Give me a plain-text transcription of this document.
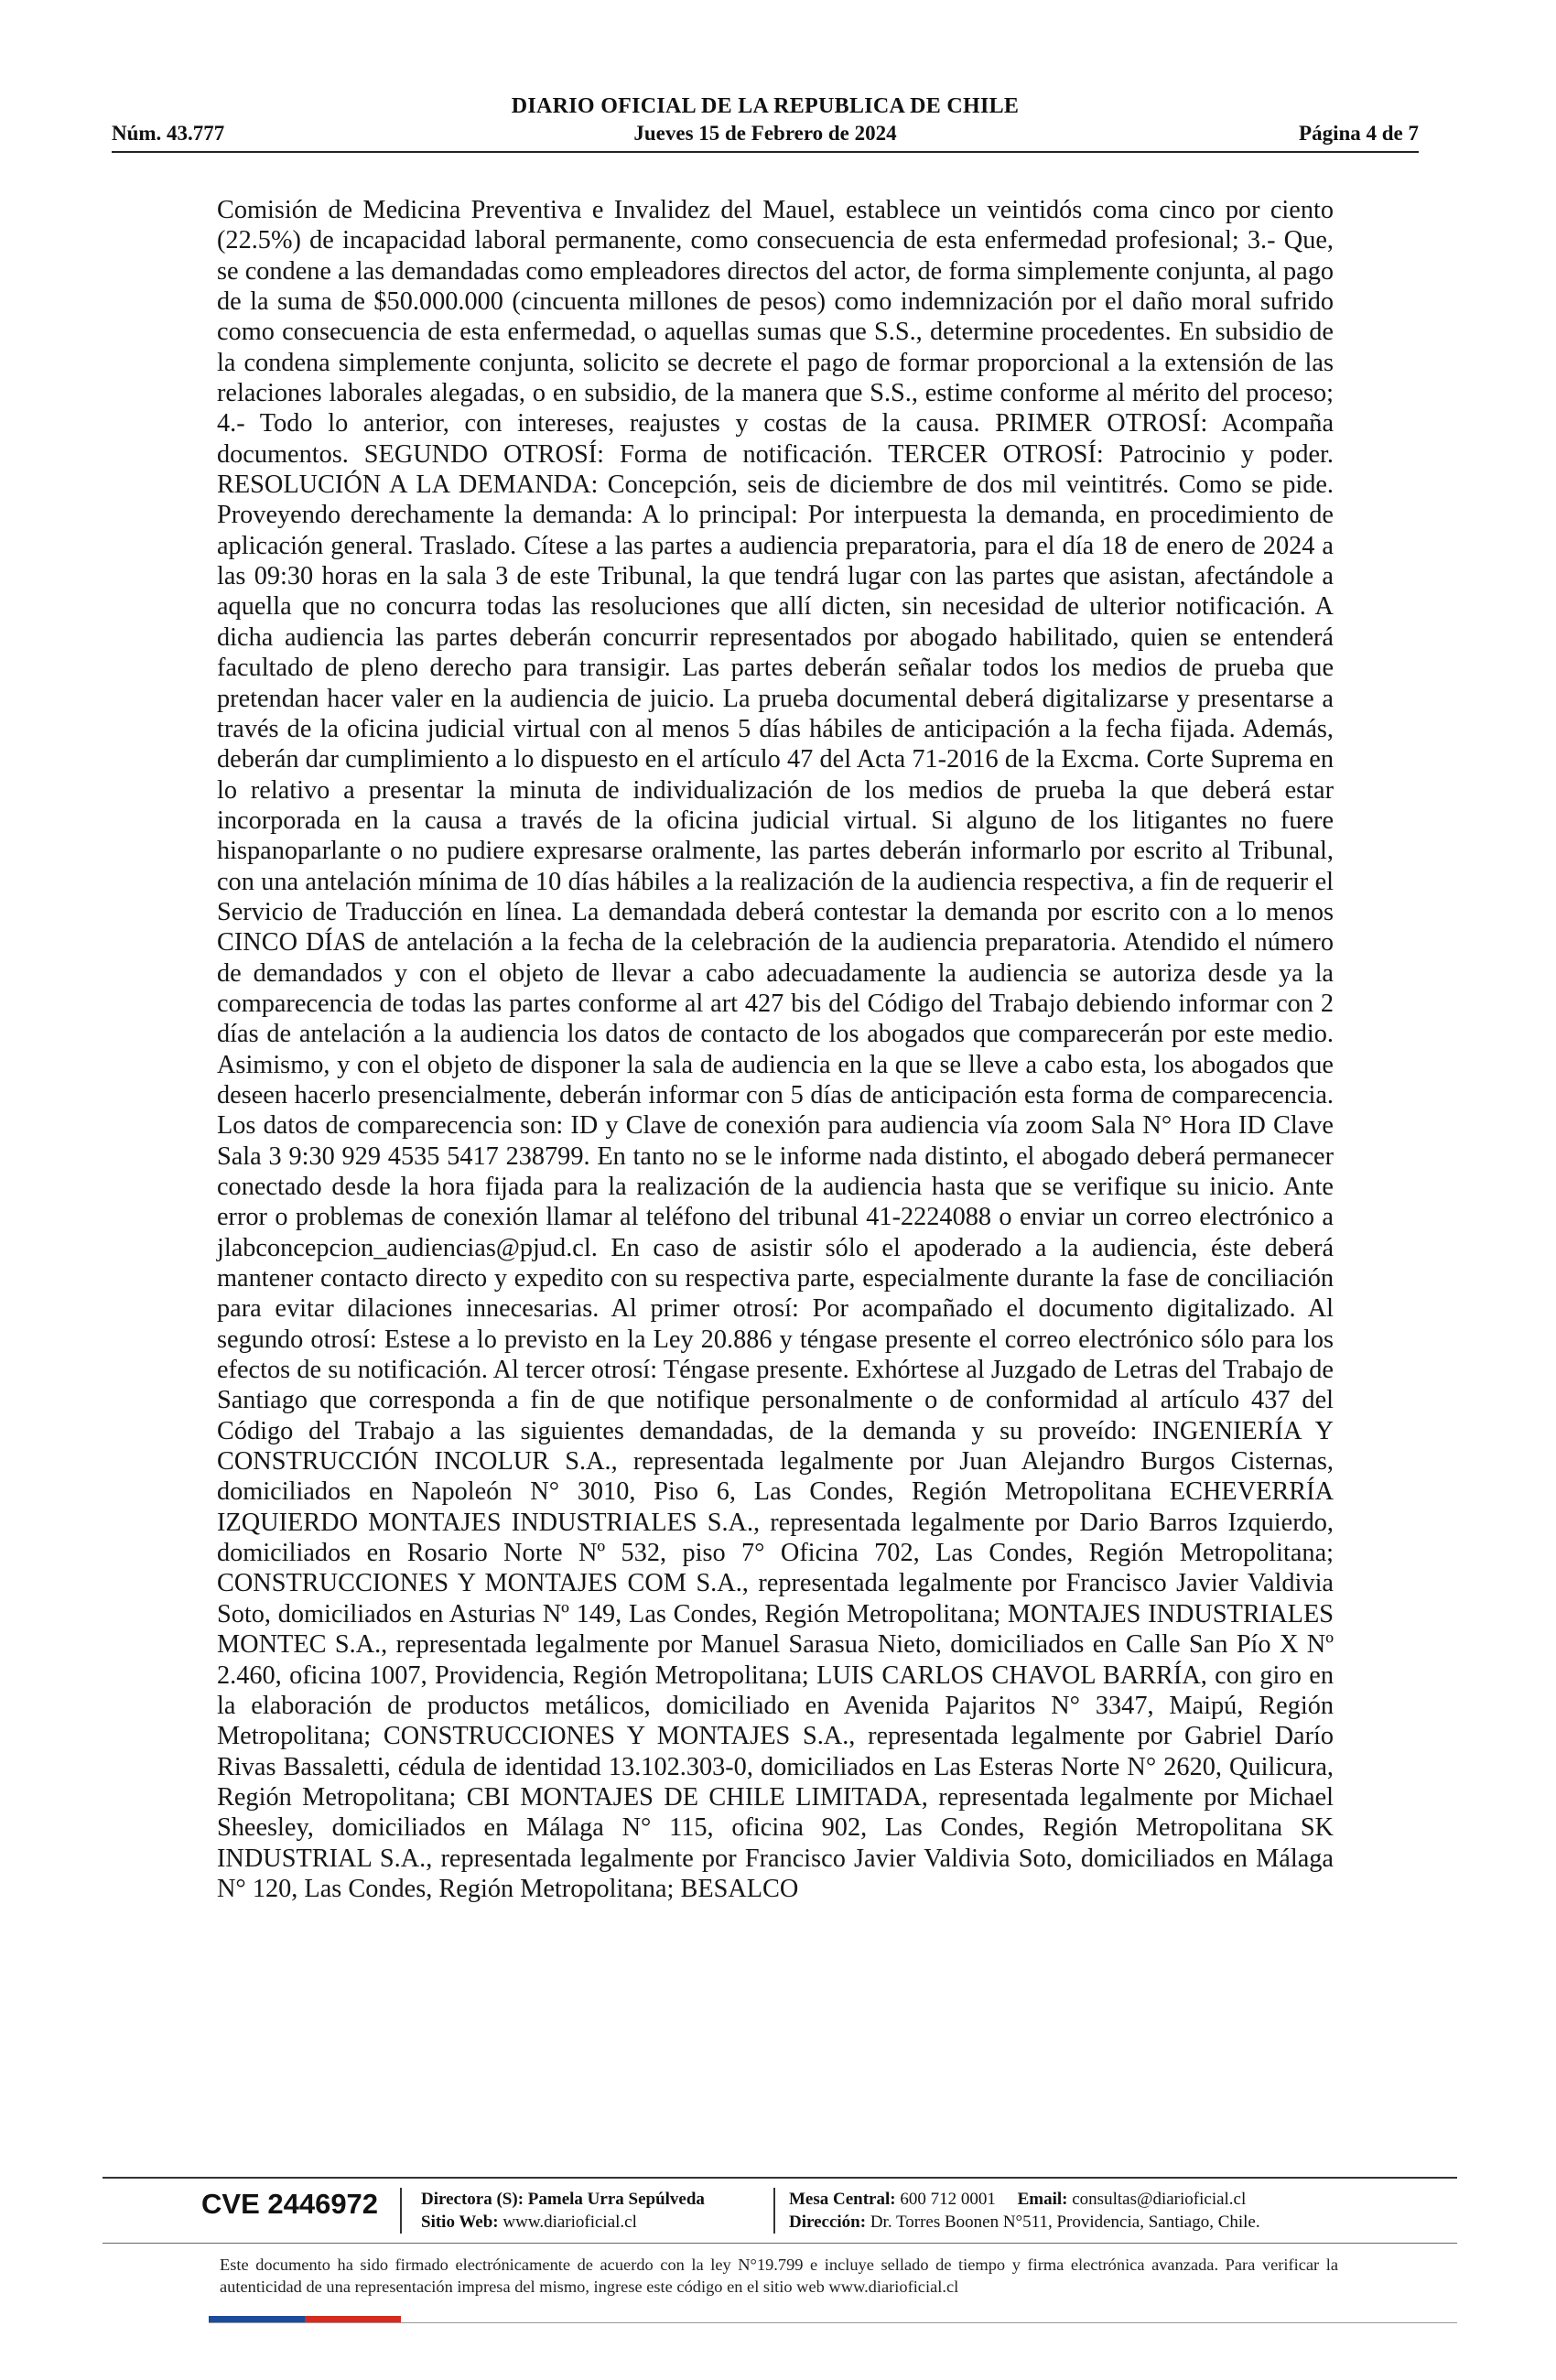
DIARIO OFICIAL DE LA REPUBLICA DE CHILE
Núm. 43.777	Jueves 15 de Febrero de 2024	Página 4 de 7
Comisión de Medicina Preventiva e Invalidez del Mauel, establece un veintidós coma cinco por ciento (22.5%) de incapacidad laboral permanente, como consecuencia de esta enfermedad profesional; 3.- Que, se condene a las demandadas como empleadores directos del actor, de forma simplemente conjunta, al pago de la suma de $50.000.000 (cincuenta millones de pesos) como indemnización por el daño moral sufrido como consecuencia de esta enfermedad, o aquellas sumas que S.S., determine procedentes. En subsidio de la condena simplemente conjunta, solicito se decrete el pago de formar proporcional a la extensión de las relaciones laborales alegadas, o en subsidio, de la manera que S.S., estime conforme al mérito del proceso; 4.- Todo lo anterior, con intereses, reajustes y costas de la causa. PRIMER OTROSÍ: Acompaña documentos. SEGUNDO OTROSÍ: Forma de notificación. TERCER OTROSÍ: Patrocinio y poder. RESOLUCIÓN A LA DEMANDA: Concepción, seis de diciembre de dos mil veintitrés. Como se pide. Proveyendo derechamente la demanda: A lo principal: Por interpuesta la demanda, en procedimiento de aplicación general. Traslado. Cítese a las partes a audiencia preparatoria, para el día 18 de enero de 2024 a las 09:30 horas en la sala 3 de este Tribunal, la que tendrá lugar con las partes que asistan, afectándole a aquella que no concurra todas las resoluciones que allí dicten, sin necesidad de ulterior notificación. A dicha audiencia las partes deberán concurrir representados por abogado habilitado, quien se entenderá facultado de pleno derecho para transigir. Las partes deberán señalar todos los medios de prueba que pretendan hacer valer en la audiencia de juicio. La prueba documental deberá digitalizarse y presentarse a través de la oficina judicial virtual con al menos 5 días hábiles de anticipación a la fecha fijada. Además, deberán dar cumplimiento a lo dispuesto en el artículo 47 del Acta 71-2016 de la Excma. Corte Suprema en lo relativo a presentar la minuta de individualización de los medios de prueba la que deberá estar incorporada en la causa a través de la oficina judicial virtual. Si alguno de los litigantes no fuere hispanoparlante o no pudiere expresarse oralmente, las partes deberán informarlo por escrito al Tribunal, con una antelación mínima de 10 días hábiles a la realización de la audiencia respectiva, a fin de requerir el Servicio de Traducción en línea. La demandada deberá contestar la demanda por escrito con a lo menos CINCO DÍAS de antelación a la fecha de la celebración de la audiencia preparatoria. Atendido el número de demandados y con el objeto de llevar a cabo adecuadamente la audiencia se autoriza desde ya la comparecencia de todas las partes conforme al art 427 bis del Código del Trabajo debiendo informar con 2 días de antelación a la audiencia los datos de contacto de los abogados que comparecerán por este medio. Asimismo, y con el objeto de disponer la sala de audiencia en la que se lleve a cabo esta, los abogados que deseen hacerlo presencialmente, deberán informar con 5 días de anticipación esta forma de comparecencia. Los datos de comparecencia son: ID y Clave de conexión para audiencia vía zoom Sala N° Hora ID Clave Sala 3 9:30 929 4535 5417 238799. En tanto no se le informe nada distinto, el abogado deberá permanecer conectado desde la hora fijada para la realización de la audiencia hasta que se verifique su inicio. Ante error o problemas de conexión llamar al teléfono del tribunal 41-2224088 o enviar un correo electrónico a jlabconcepcion_audiencias@pjud.cl. En caso de asistir sólo el apoderado a la audiencia, éste deberá mantener contacto directo y expedito con su respectiva parte, especialmente durante la fase de conciliación para evitar dilaciones innecesarias. Al primer otrosí: Por acompañado el documento digitalizado. Al segundo otrosí: Estese a lo previsto en la Ley 20.886 y téngase presente el correo electrónico sólo para los efectos de su notificación. Al tercer otrosí: Téngase presente. Exhórtese al Juzgado de Letras del Trabajo de Santiago que corresponda a fin de que notifique personalmente o de conformidad al artículo 437 del Código del Trabajo a las siguientes demandadas, de la demanda y su proveído: INGENIERÍA Y CONSTRUCCIÓN INCOLUR S.A., representada legalmente por Juan Alejandro Burgos Cisternas, domiciliados en Napoleón N° 3010, Piso 6, Las Condes, Región Metropolitana ECHEVERRÍA IZQUIERDO MONTAJES INDUSTRIALES S.A., representada legalmente por Dario Barros Izquierdo, domiciliados en Rosario Norte Nº 532, piso 7° Oficina 702, Las Condes, Región Metropolitana; CONSTRUCCIONES Y MONTAJES COM S.A., representada legalmente por Francisco Javier Valdivia Soto, domiciliados en Asturias Nº 149, Las Condes, Región Metropolitana; MONTAJES INDUSTRIALES MONTEC S.A., representada legalmente por Manuel Sarasua Nieto, domiciliados en Calle San Pío X Nº 2.460, oficina 1007, Providencia, Región Metropolitana; LUIS CARLOS CHAVOL BARRÍA, con giro en la elaboración de productos metálicos, domiciliado en Avenida Pajaritos N° 3347, Maipú, Región Metropolitana; CONSTRUCCIONES Y MONTAJES S.A., representada legalmente por Gabriel Darío Rivas Bassaletti, cédula de identidad 13.102.303-0, domiciliados en Las Esteras Norte N° 2620, Quilicura, Región Metropolitana; CBI MONTAJES DE CHILE LIMITADA, representada legalmente por Michael Sheesley, domiciliados en Málaga N° 115, oficina 902, Las Condes, Región Metropolitana SK INDUSTRIAL S.A., representada legalmente por Francisco Javier Valdivia Soto, domiciliados en Málaga N° 120, Las Condes, Región Metropolitana; BESALCO
CVE 2446972 Directora (S): Pamela Urra Sepúlveda
Sitio Web: www.diarioficial.cl
Mesa Central: 600 712 0001 Email: consultas@diarioficial.cl
Dirección: Dr. Torres Boonen N°511, Providencia, Santiago, Chile.
Este documento ha sido firmado electrónicamente de acuerdo con la ley N°19.799 e incluye sellado de tiempo y firma electrónica avanzada. Para verificar la autenticidad de una representación impresa del mismo, ingrese este código en el sitio web www.diarioficial.cl
